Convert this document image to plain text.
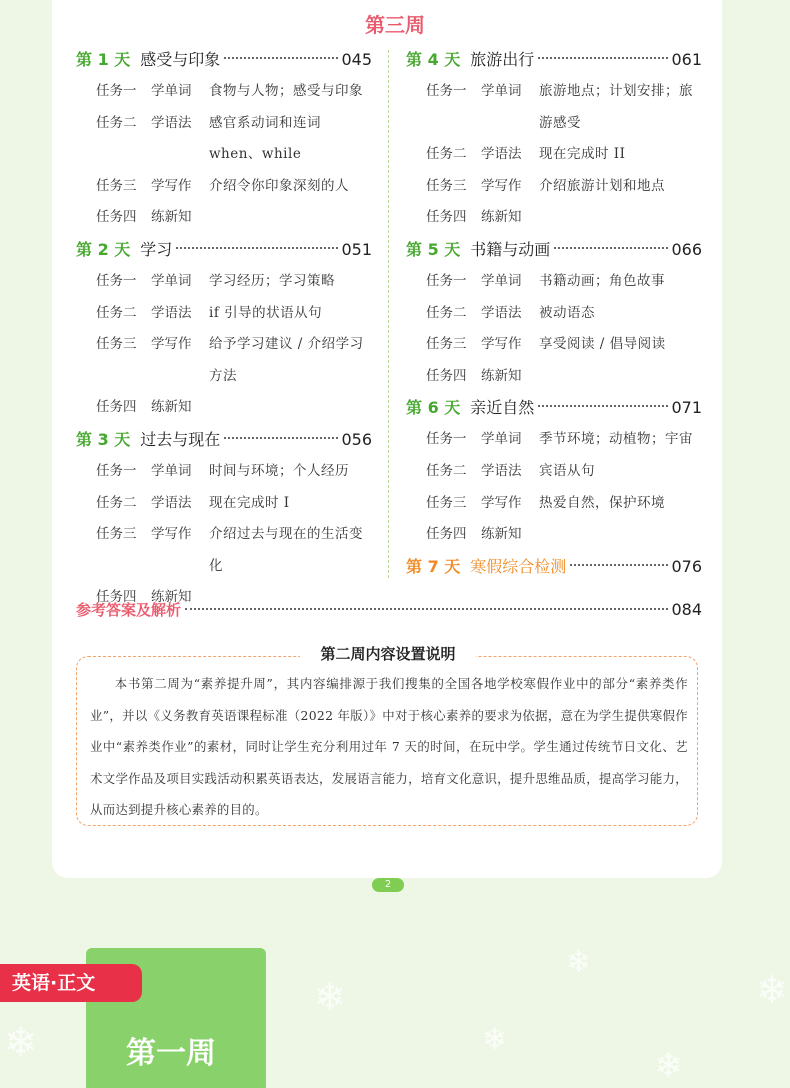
第三周
第 1 天 感受与印象	045
任务一	学单词	食物与人物；感受与印象
任务二	学语法	感官系动词和连词 when、while
任务三	学写作	介绍令你印象深刻的人
任务四	练新知
第 2 天 学习	051
任务一	学单词	学习经历；学习策略
任务二	学语法	if 引导的状语从句
任务三	学写作	给予学习建议 / 介绍学习方法
任务四	练新知
第 3 天 过去与现在	056
任务一	学单词	时间与环境；个人经历
任务二	学语法	现在完成时 I
任务三	学写作	介绍过去与现在的生活变化
任务四	练新知
第 4 天 旅游出行	061
任务一	学单词	旅游地点；计划安排；旅游感受
任务二	学语法	现在完成时 II
任务三	学写作	介绍旅游计划和地点
任务四	练新知
第 5 天 书籍与动画	066
任务一	学单词	书籍动画；角色故事
任务二	学语法	被动语态
任务三	学写作	享受阅读 / 倡导阅读
任务四	练新知
第 6 天 亲近自然	071
任务一	学单词	季节环境；动植物；宇宙
任务二	学语法	宾语从句
任务三	学写作	热爱自然，保护环境
任务四	练新知
第 7 天 寒假综合检测	076
参考答案及解析	084
第二周内容设置说明
本书第二周为“素养提升周”，其内容编排源于我们搜集的全国各地学校寒假作业中的部分“素养类作业”，并以《义务教育英语课程标准（2022 年版）》中对于核心素养的要求为依据，意在为学生提供寒假作业中“素养类作业”的素材，同时让学生充分利用过年 7 天的时间，在玩中学。学生通过传统节日文化、艺术文学作品及项目实践活动积累英语表达，发展语言能力，培育文化意识，提升思维品质，提高学习能力，从而达到提升核心素养的目的。
2
第一周
英语·正文	❄
❄
❄
❄
❄
❄
